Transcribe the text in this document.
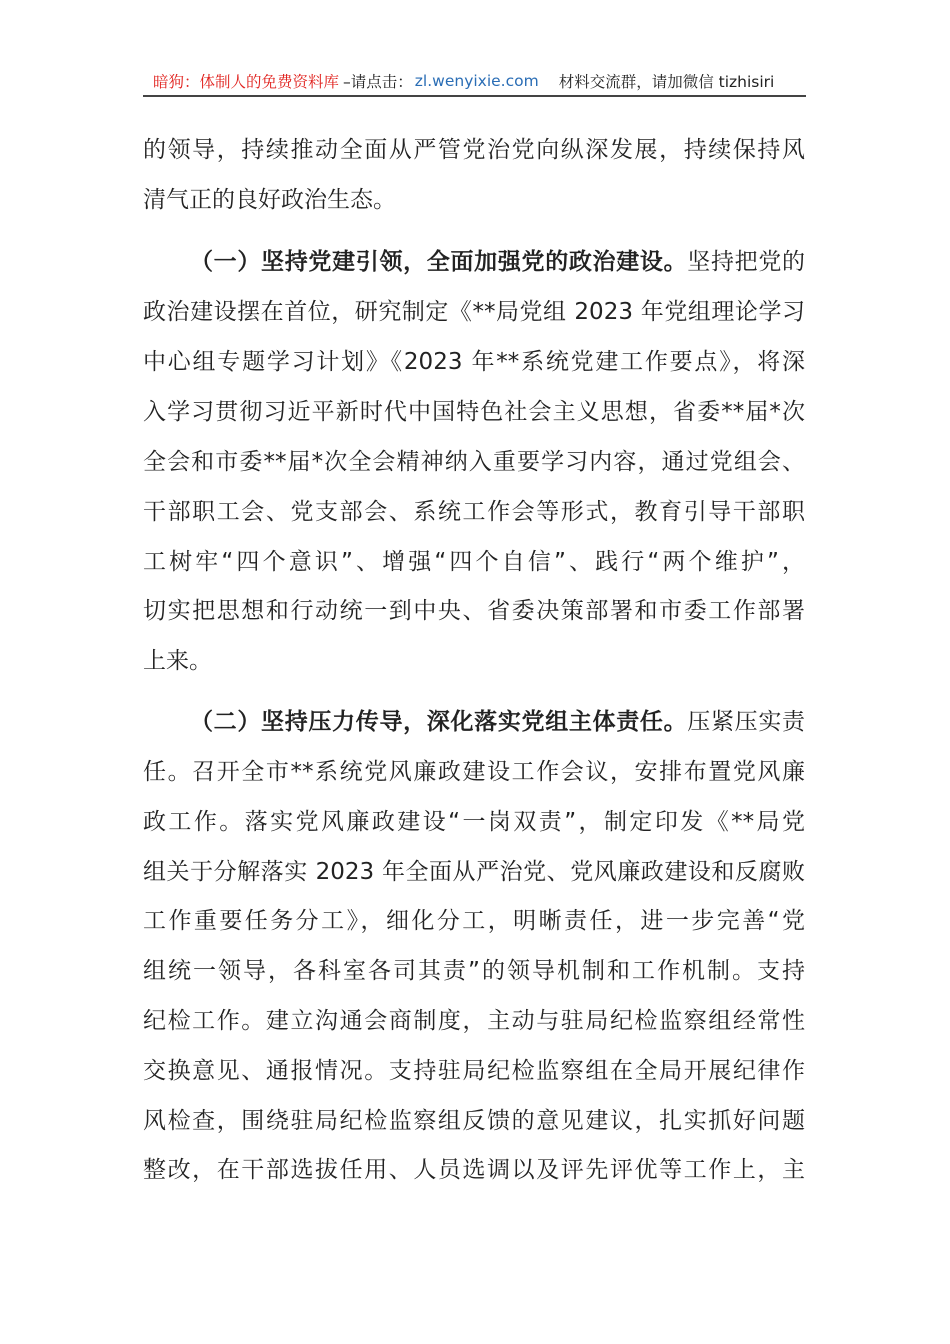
暗狗：体制人的免费资料库 –请点击： zl.wenyixie.com 材料交流群，请加微信 tizhisiri
的领导，持续推动全面从严管党治党向纵深发展，持续保持风
清气正的良好政治生态。
（一）坚持党建引领，全面加强党的政治建设。坚持把党的
政治建设摆在首位，研究制定《**局党组 2023 年党组理论学习
中心组专题学习计划》《2023 年**系统党建工作要点》，将深
入学习贯彻习近平新时代中国特色社会主义思想，省委**届*次
全会和市委**届*次全会精神纳入重要学习内容，通过党组会、
干部职工会、党支部会、系统工作会等形式，教育引导干部职
工树牢“四个意识”、增强“四个自信”、践行“两个维护”，
切实把思想和行动统一到中央、省委决策部署和市委工作部署
上来。
（二）坚持压力传导，深化落实党组主体责任。压紧压实责
任。召开全市**系统党风廉政建设工作会议，安排布置党风廉
政工作。落实党风廉政建设“一岗双责”，制定印发《**局党
组关于分解落实 2023 年全面从严治党、党风廉政建设和反腐败
工作重要任务分工》，细化分工，明晰责任，进一步完善“党
组统一领导，各科室各司其责”的领导机制和工作机制。支持
纪检工作。建立沟通会商制度，主动与驻局纪检监察组经常性
交换意见、通报情况。支持驻局纪检监察组在全局开展纪律作
风检查，围绕驻局纪检监察组反馈的意见建议，扎实抓好问题
整改，在干部选拔任用、人员选调以及评先评优等工作上，主
